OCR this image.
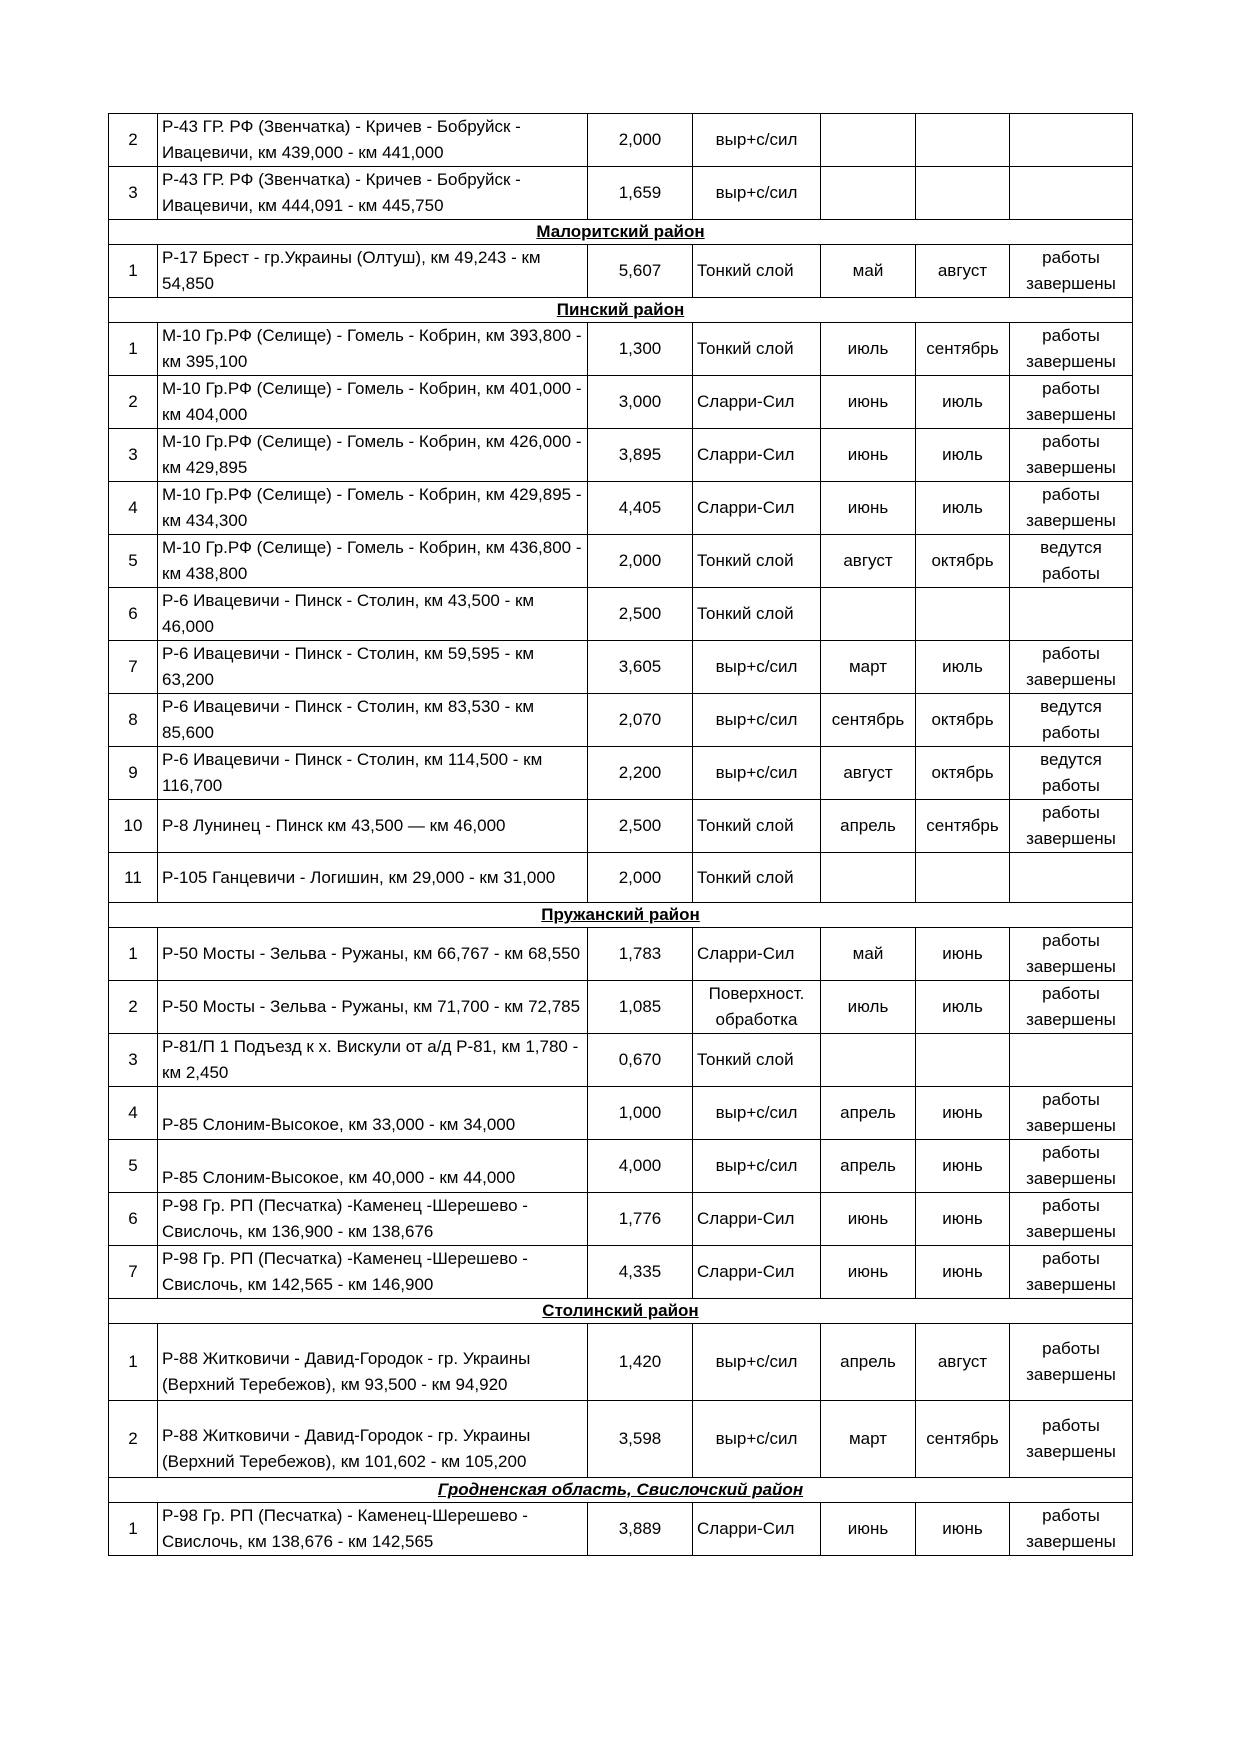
2	Р-43 ГР. РФ (Звенчатка) - Кричев - Бобруйск - Ивацевичи, км 439,000 - км 441,000	2,000	выр+с/сил			
3	Р-43 ГР. РФ (Звенчатка) - Кричев - Бобруйск - Ивацевичи, км 444,091 - км 445,750	1,659	выр+с/сил			
Малоритский район						
1	Р-17 Брест - гр.Украины (Олтуш), км 49,243 - км 54,850	5,607	Тонкий слой	май	август	работы завершены
Пинский район						
1	М-10 Гр.РФ (Селище) - Гомель - Кобрин, км 393,800 - км 395,100	1,300	Тонкий слой	июль	сентябрь	работы завершены
2	М-10 Гр.РФ (Селище) - Гомель - Кобрин, км 401,000 - км 404,000	3,000	Сларри-Сил	июнь	июль	работы завершены
3	М-10 Гр.РФ (Селище) - Гомель - Кобрин, км 426,000 - км 429,895	3,895	Сларри-Сил	июнь	июль	работы завершены
4	М-10 Гр.РФ (Селище) - Гомель - Кобрин, км 429,895 - км 434,300	4,405	Сларри-Сил	июнь	июль	работы завершены
5	М-10 Гр.РФ (Селище) - Гомель - Кобрин, км 436,800 - км 438,800	2,000	Тонкий слой	август	октябрь	ведутся работы
6	Р-6 Ивацевичи - Пинск - Столин, км 43,500 - км 46,000	2,500	Тонкий слой			
7	Р-6 Ивацевичи - Пинск - Столин, км 59,595 - км 63,200	3,605	выр+с/сил	март	июль	работы завершены
8	Р-6 Ивацевичи - Пинск - Столин, км 83,530 - км 85,600	2,070	выр+с/сил	сентябрь	октябрь	ведутся работы
9	Р-6 Ивацевичи - Пинск - Столин, км 114,500 - км 116,700	2,200	выр+с/сил	август	октябрь	ведутся работы
10	Р-8 Лунинец - Пинск км 43,500 — км 46,000	2,500	Тонкий слой	апрель	сентябрь	работы завершены
11	Р-105 Ганцевичи - Логишин, км 29,000 - км 31,000	2,000	Тонкий слой			
Пружанский район						
1	Р-50 Мосты - Зельва - Ружаны, км 66,767 - км 68,550	1,783	Сларри-Сил	май	июнь	работы завершены
2	Р-50 Мосты - Зельва - Ружаны, км 71,700 - км 72,785	1,085	Поверхност. обработка	июль	июль	работы завершены
3	Р-81/П 1 Подъезд к х. Вискули от а/д Р-81, км 1,780 - км 2,450	0,670	Тонкий слой			
4	Р-85 Слоним-Высокое, км 33,000 - км 34,000	1,000	выр+с/сил	апрель	июнь	работы завершены
5	Р-85 Слоним-Высокое, км 40,000 - км 44,000	4,000	выр+с/сил	апрель	июнь	работы завершены
6	Р-98 Гр. РП (Песчатка) -Каменец -Шерешево - Свислочь, км 136,900 - км 138,676	1,776	Сларри-Сил	июнь	июнь	работы завершены
7	Р-98 Гр. РП (Песчатка) -Каменец -Шерешево - Свислочь, км 142,565 - км 146,900	4,335	Сларри-Сил	июнь	июнь	работы завершены
Столинский район						
1	Р-88 Житковичи - Давид-Городок - гр. Украины (Верхний Теребежов), км 93,500 - км 94,920	1,420	выр+с/сил	апрель	август	работы завершены
2	Р-88 Житковичи - Давид-Городок - гр. Украины (Верхний Теребежов), км 101,602 - км 105,200	3,598	выр+с/сил	март	сентябрь	работы завершены
Гродненская область, Свислочский район						
1	Р-98 Гр. РП (Песчатка) - Каменец-Шерешево - Свислочь, км 138,676 - км 142,565	3,889	Сларри-Сил	июнь	июнь	работы завершены
